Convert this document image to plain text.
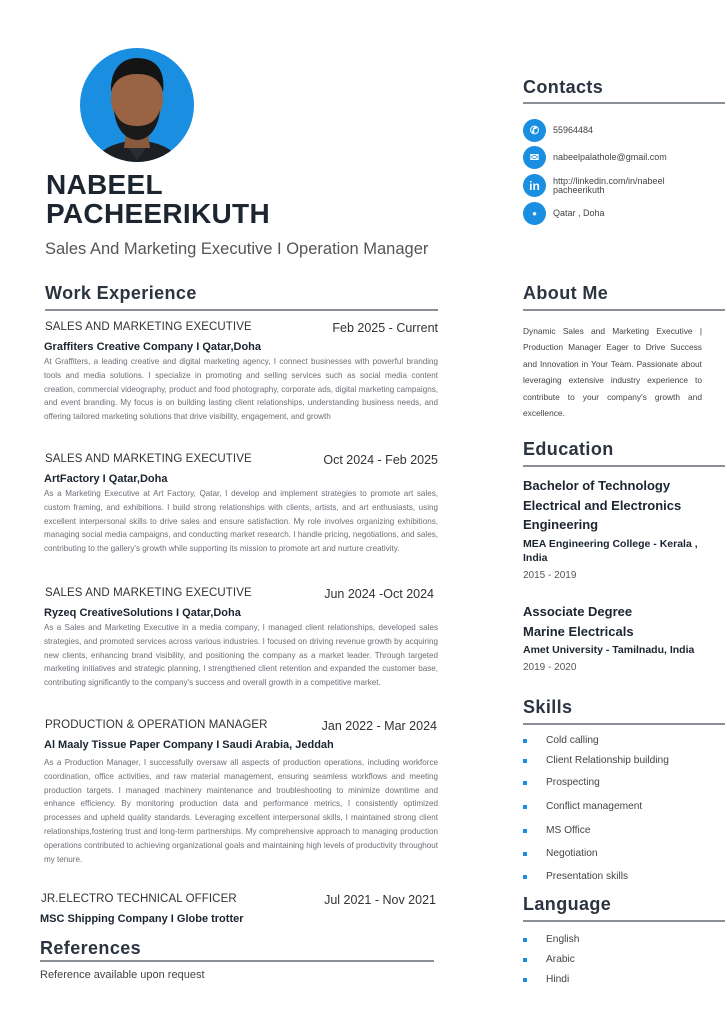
NABEEL
PACHEERIKUTH
Sales And Marketing Executive I Operation Manager
Work Experience
SALES AND MARKETING EXECUTIVE	Feb 2025 - Current
Graffiters Creative Company I Qatar,Doha
At Graffiters, a leading creative and digital marketing agency, I connect businesses with powerful branding tools and media solutions. I specialize in promoting and selling services such as social media content creation, commercial videography, product and food photography, corporate ads, digital marketing campaigns, and event branding. My focus is on building lasting client relationships, understanding business needs, and offering tailored marketing solutions that drive visibility, engagement, and growth
SALES AND MARKETING EXECUTIVE	Oct 2024 - Feb 2025
ArtFactory I Qatar,Doha
As a Marketing Executive at Art Factory, Qatar, I develop and implement strategies to promote art sales, custom framing, and exhibitions. I build strong relationships with clients, artists, and art enthusiasts, using excellent interpersonal skills to drive sales and ensure satisfaction. My role involves organizing exhibitions, managing social media campaigns, and conducting market research. I handle pricing, negotiations, and sales, contributing to the gallery's growth while supporting its mission to promote art and nurture creativity.
SALES AND MARKETING EXECUTIVE	Jun 2024 -Oct 2024
Ryzeq CreativeSolutions I Qatar,Doha
As a Sales and Marketing Executive in a media company, I managed client relationships, developed sales strategies, and promoted services across various industries. I focused on driving revenue growth by acquiring new clients, enhancing brand visibility, and positioning the company as a market leader. Through targeted marketing initiatives and strategic planning, I strengthened client retention and expanded the customer base, contributing significantly to the company's success and overall growth in a competitive market.
PRODUCTION & OPERATION MANAGER	Jan 2022 - Mar 2024
Al Maaly Tissue Paper Company I Saudi Arabia, Jeddah
As a Production Manager, I successfully oversaw all aspects of production operations, including workforce coordination, office activities, and raw material management, ensuring seamless workflows and meeting production targets. I managed machinery maintenance and troubleshooting to minimize downtime and enhance efficiency. By monitoring production data and performance metrics, I consistently optimized processes and upheld quality standards. Leveraging excellent interpersonal skills, I maintained strong client relationships,fostering trust and long-term partnerships. My comprehensive approach to managing production operations contributed to achieving organizational goals and maintaining high levels of productivity throughout my tenure.
JR.ELECTRO TECHNICAL OFFICER	Jul 2021 - Nov 2021
MSC Shipping Company I Globe trotter
References
Reference available upon request
Contacts
✆	55964484
✉	nabeelpalathole@gmail.com
in	http://linkedin.com/in/nabeel pacheerikuth
●	Qatar , Doha
About Me
Dynamic Sales and Marketing Executive | Production Manager Eager to Drive Success and Innovation in Your Team. Passionate about leveraging extensive industry experience to contribute to your company's growth and excellence.
Education
Bachelor of Technology Electrical and Electronics Engineering
MEA Engineering College - Kerala , India
2015 - 2019
Associate Degree Marine Electricals
Amet University - Tamilnadu, India
2019 - 2020
Skills
Cold calling
Client Relationship building
Prospecting
Conflict management
MS Office
Negotiation
Presentation skills
Language
English
Arabic
Hindi
